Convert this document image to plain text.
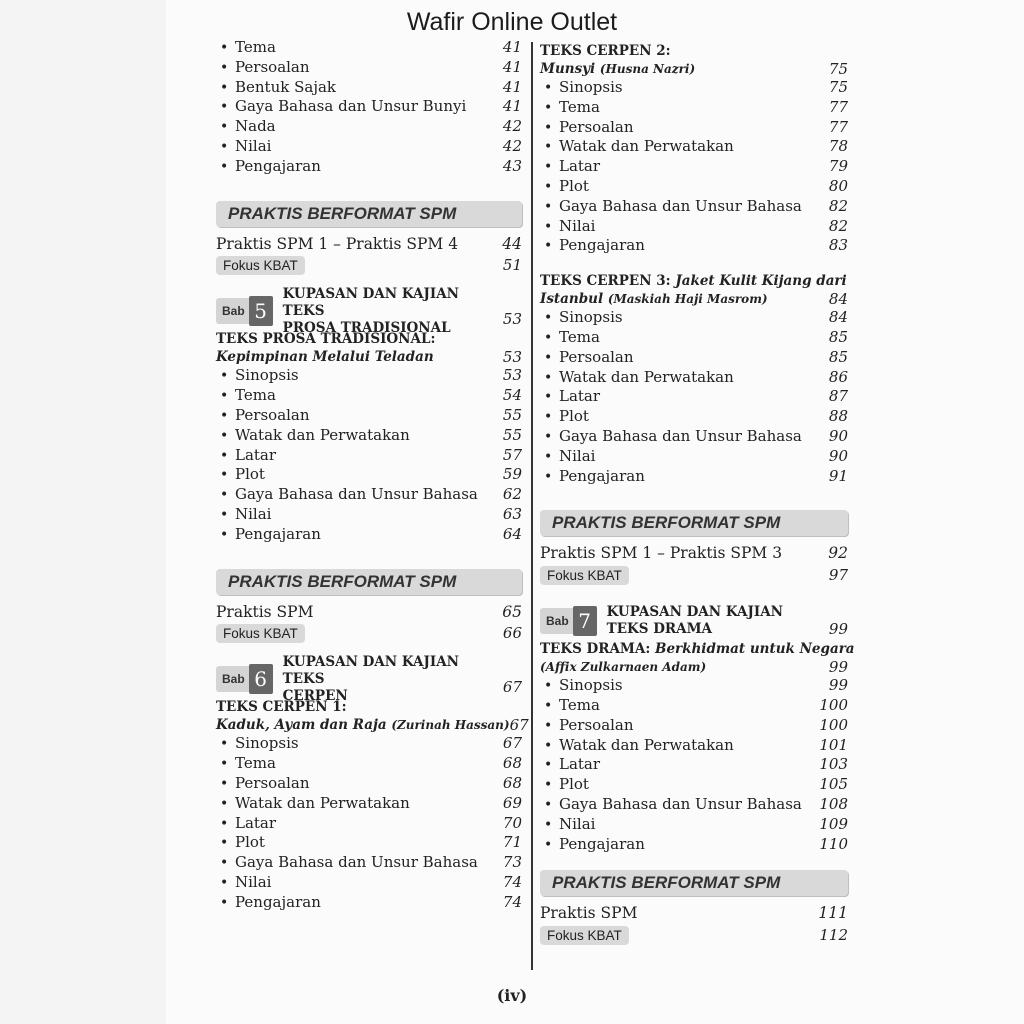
Wafir Online Outlet
• Tema	41
• Persoalan	41
• Bentuk Sajak	41
• Gaya Bahasa dan Unsur Bunyi 41
• Nada	42
• Nilai	42
• Pengajaran	43
PRAKTIS BERFORMAT SPM
Praktis SPM 1 – Praktis SPM 4	44
Fokus KBAT	51
Bab 5
KUPASAN DAN KAJIAN TEKS
PROSA TRADISIONAL	53
TEKS PROSA TRADISIONAL:
Kepimpinan Melalui Teladan	53
• Sinopsis	53
• Tema	54
• Persoalan	55
• Watak dan Perwatakan	55
• Latar	57
• Plot	59
• Gaya Bahasa dan Unsur Bahasa 62
• Nilai	63
• Pengajaran	64
PRAKTIS BERFORMAT SPM
Praktis SPM	65
Fokus KBAT	66
Bab 6
KUPASAN DAN KAJIAN TEKS
CERPEN	67
TEKS CERPEN 1:
Kaduk, Ayam dan Raja (Zurinah Hassan) 67
• Sinopsis	67
• Tema	68
• Persoalan	68
• Watak dan Perwatakan	69
• Latar	70
• Plot	71
• Gaya Bahasa dan Unsur Bahasa 73
• Nilai	74
• Pengajaran	74
TEKS CERPEN 2:
Munsyi (Husna Nazri)	75
• Sinopsis	75
• Tema	77
• Persoalan	77
• Watak dan Perwatakan	78
• Latar	79
• Plot	80
• Gaya Bahasa dan Unsur Bahasa 82
• Nilai	82
• Pengajaran	83
TEKS CERPEN 3: Jaket Kulit Kijang dari
Istanbul (Maskiah Haji Masrom)	84
• Sinopsis	84
• Tema	85
• Persoalan	85
• Watak dan Perwatakan	86
• Latar	87
• Plot	88
• Gaya Bahasa dan Unsur Bahasa 90
• Nilai	90
• Pengajaran	91
PRAKTIS BERFORMAT SPM
Praktis SPM 1 – Praktis SPM 3	92
Fokus KBAT	97
Bab 7	KUPASAN DAN KAJIAN
TEKS DRAMA	99
TEKS DRAMA: Berkhidmat untuk Negara
(Affix Zulkarnaen Adam)	99
• Sinopsis	99
• Tema	100
• Persoalan	100
• Watak dan Perwatakan	101
• Latar	103
• Plot	105
• Gaya Bahasa dan Unsur Bahasa 108
• Nilai	109
• Pengajaran	110
PRAKTIS BERFORMAT SPM
Praktis SPM	111
Fokus KBAT	112
(iv)
